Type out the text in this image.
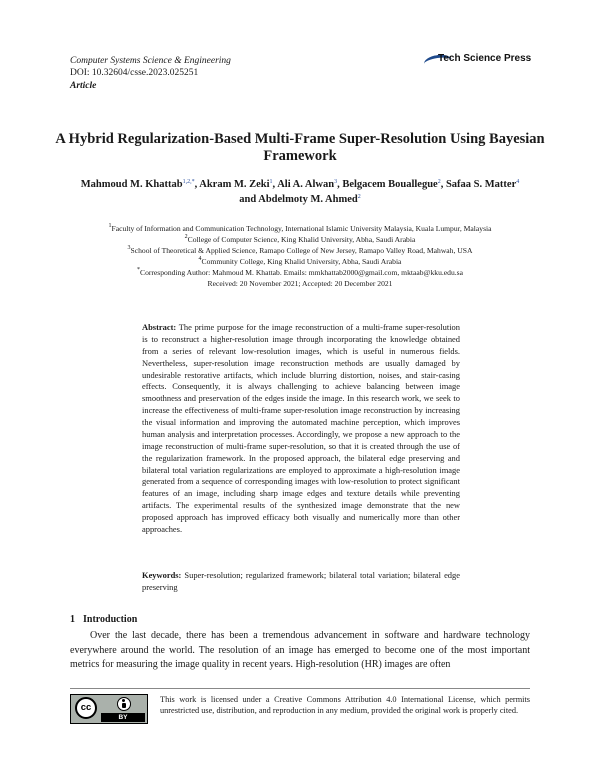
Computer Systems Science & Engineering
DOI: 10.32604/csse.2023.025251
Article
Tech Science Press
A Hybrid Regularization-Based Multi-Frame Super-Resolution Using Bayesian
Framework
Mahmoud M. Khattab$^{1,2,*}$, Akram M. Zeki$^1$, Ali A. Alwan$^3$, Belgacem Bouallegue$^2$, Safaa S. Matter$^4$
and Abdelmoty M. Ahmed$^2$
$^1$Faculty of Information and Communication Technology, International Islamic University Malaysia, Kuala Lumpur, Malaysia
$^2$College of Computer Science, King Khalid University, Abha, Saudi Arabia
$^3$School of Theoretical & Applied Science, Ramapo College of New Jersey, Ramapo Valley Road, Mahwah, USA
$^4$Community College, King Khalid University, Abha, Saudi Arabia
*Corresponding Author: Mahmoud M. Khattab. Emails: mmkhattab2000@gmail.com, mktaab@kku.edu.sa
Received: 20 November 2021; Accepted: 20 December 2021
Abstract: The prime purpose for the image reconstruction of a multi-frame super-resolution is to reconstruct a higher-resolution image through incorporating the knowledge obtained from a series of relevant low-resolution images, which is useful in numerous fields. Nevertheless, super-resolution image reconstruction methods are usually damaged by undesirable restorative artifacts, which include blurring distortion, noises, and stair-casing effects. Consequently, it is always challenging to achieve balancing between image smoothness and preservation of the edges inside the image. In this research work, we seek to increase the effectiveness of multi-frame super-resolution image reconstruction by increasing the visual information and improving the automated machine perception, which improves human analysis and interpretation processes. Accordingly, we propose a new approach to the image reconstruction of multi-frame super-resolution, so that it is created through the use of the regularization framework. In the proposed approach, the bilateral edge preserving and bilateral total variation regularizations are employed to approximate a high-resolution image generated from a sequence of corresponding images with low-resolution to protect significant features of an image, including sharp image edges and texture details while preventing artifacts. The experimental results of the synthesized image demonstrate that the new proposed approach has improved efficacy both visually and numerically more than other approaches.
Keywords: Super-resolution; regularized framework; bilateral total variation; bilateral edge preserving
1 Introduction

Over the last decade, there has been a tremendous advancement in software and hardware technology everywhere around the world. The resolution of an image has emerged to become one of the most important metrics for measuring the image quality in recent years. High-resolution (HR) images are often

cc
BY
This work is licensed under a Creative Commons Attribution 4.0 International License, which permits unrestricted use, distribution, and reproduction in any medium, provided the original work is properly cited.
